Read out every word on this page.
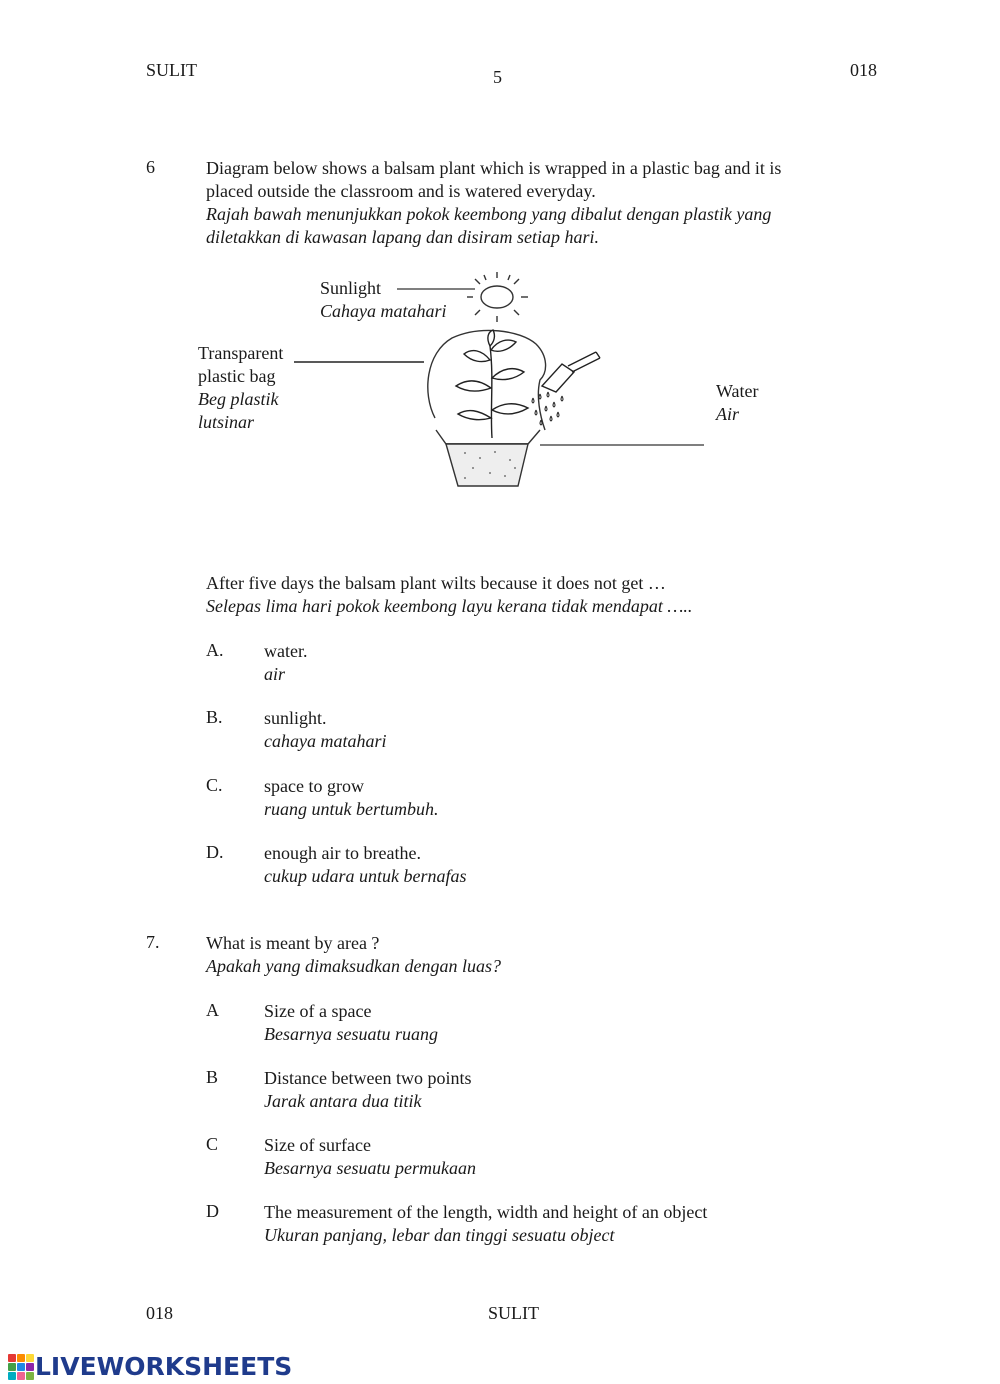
SULIT	5	018
6	Diagram below shows a balsam plant which is wrapped in a plastic bag and it is
placed outside the classroom and is watered everyday.
Rajah bawah menunjukkan pokok keembong yang dibalut dengan plastik yang
diletakkan di kawasan lapang dan disiram setiap hari.
Sunlight
Cahaya matahari
Transparent
plastic bag
Beg plastik
lutsinar
Water
Air
After five days the balsam plant wilts because it does not get …
Selepas lima hari pokok keembong layu kerana tidak mendapat …..
A. water.
air
B. sunlight.
cahaya matahari
C. space to grow
ruang untuk bertumbuh.
D. enough air to breathe.
cukup udara untuk bernafas
7.	What is meant by area ?
Apakah yang dimaksudkan dengan luas?
A	Size of a space
Besarnya sesuatu ruang
B	Distance between two points
Jarak antara dua titik
C	Size of surface
Besarnya sesuatu permukaan
D	The measurement of the length, width and height of an object
Ukuran panjang, lebar dan tinggi sesuatu object
018	SULIT
LIVEWORKSHEETS
